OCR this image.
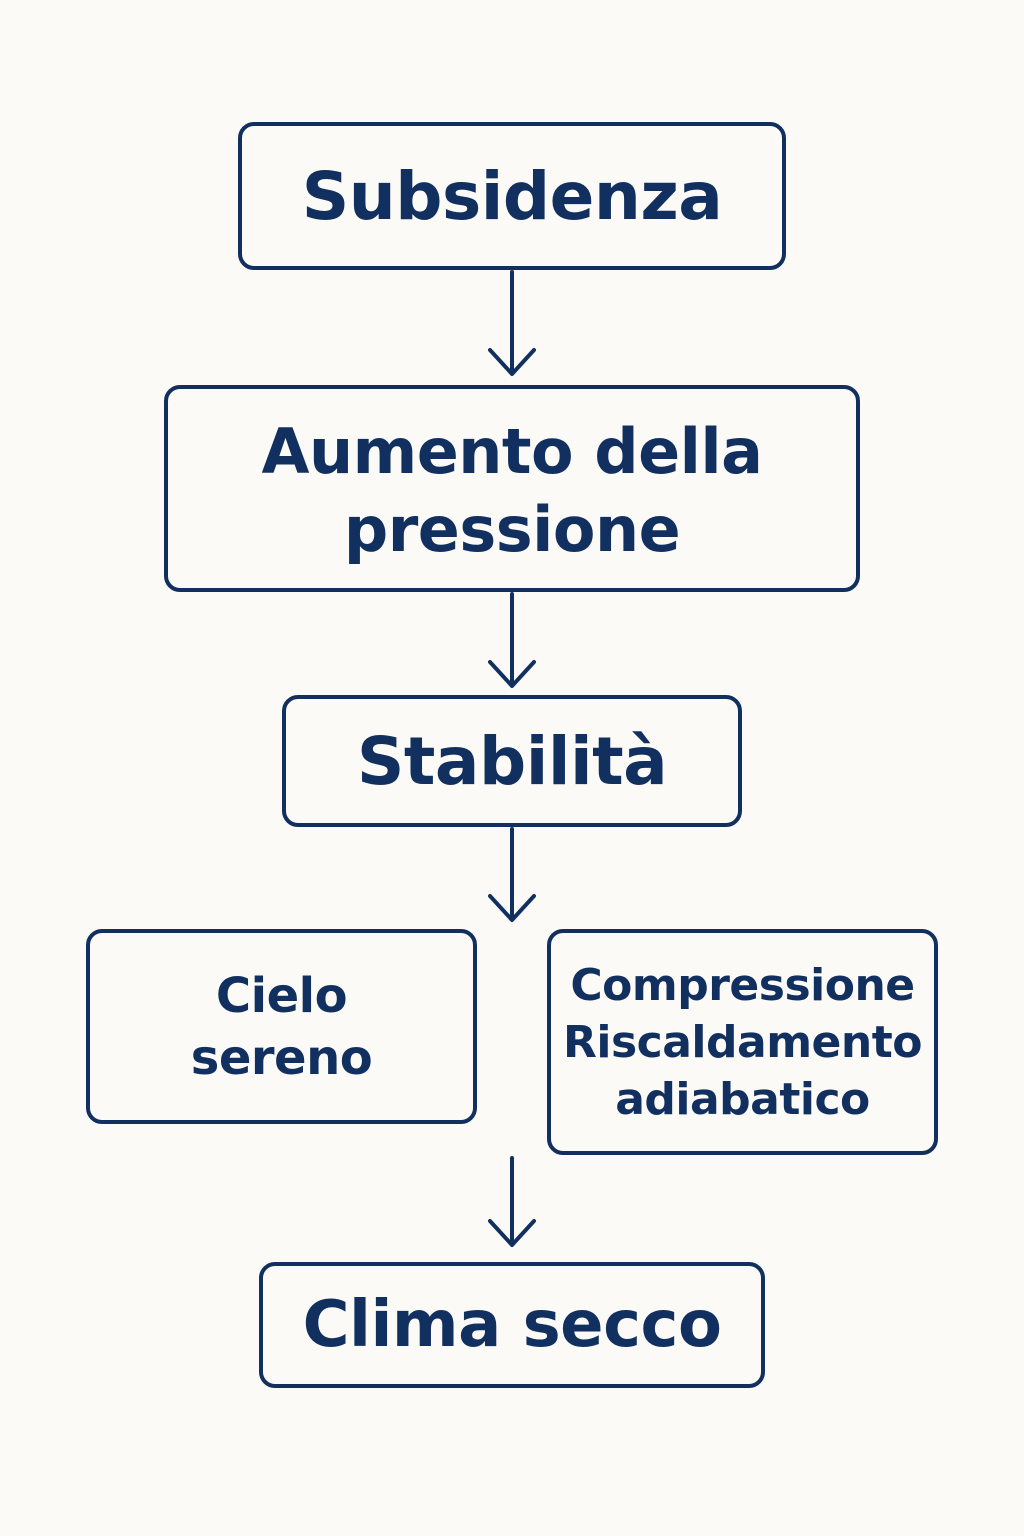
Subsidenza
Aumento della
pressione
Stabilità
Cielo
sereno
Compressione
Riscaldamento
adiabatico
Clima secco
